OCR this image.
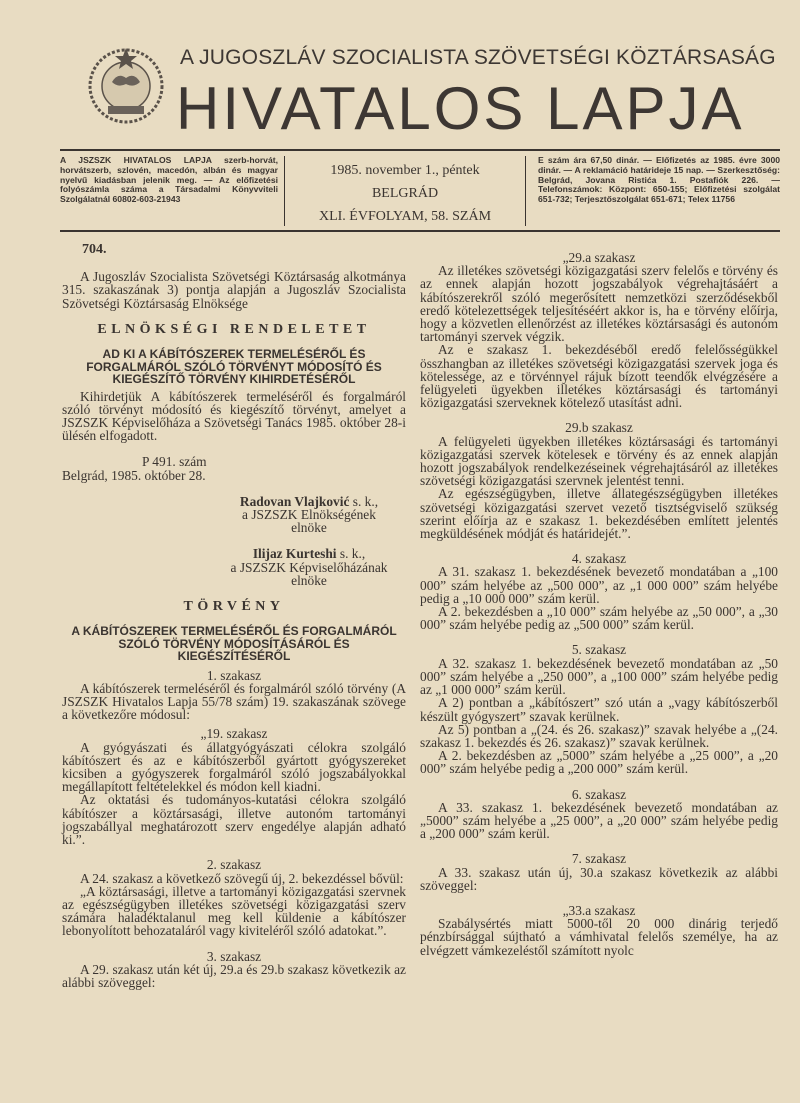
A JUGOSZLÁV SZOCIALISTA SZÖVETSÉGI KÖZTÁRSASÁG
HIVATALOS LAPJA
A JSZSZK HIVATALOS LAPJA szerb-horvát, horvátszerb, szlovén, macedón, albán és magyar nyelvű kiadásban jelenik meg. — Az előfizetési folyószámla száma a Társadalmi Könyvviteli Szolgálatnál 60802-603-21943
1985. november 1., péntek
BELGRÁD
XLI. ÉVFOLYAM, 58. SZÁM
E szám ára 67,50 dinár. — Előfizetés az 1985. évre 3000 dinár. — A reklamáció határideje 15 nap. — Szerkesztőség: Belgrád, Jovana Ristića 1. Postafiók 226. — Telefonszámok: Központ: 650-155; Előfizetési szolgálat 651-732; Terjesztőszolgálat 651-671; Telex 11756
704.
A Jugoszláv Szocialista Szövetségi Köztársaság alkotmánya 315. szakaszának 3) pontja alapján a Jugoszláv Szocialista Szövetségi Köztársaság Elnöksége
ELNÖKSÉGI RENDELETET
AD KI A KÁBÍTÓSZEREK TERMELÉSÉRŐL ÉS FORGALMÁRÓL SZÓLÓ TÖRVÉNYT MÓDOSÍTÓ ÉS KIEGÉSZÍTŐ TÖRVÉNY KIHIRDETÉSÉRŐL
Kihirdetjük A kábítószerek termeléséről és forgalmáról szóló törvényt módosító és kiegészítő törvényt, amelyet a JSZSZK Képviselőháza a Szövetségi Tanács 1985. október 28-i ülésén elfogadott.
P 491. szám
Belgrád, 1985. október 28.
Radovan Vlajković s. k.,
a JSZSZK Elnökségének
elnöke
Ilijaz Kurteshi s. k.,
a JSZSZK Képviselőházának
elnöke
TÖRVÉNY
A KÁBÍTÓSZEREK TERMELÉSÉRŐL ÉS FORGALMÁRÓL SZÓLÓ TÖRVÉNY MÓDOSÍTÁSÁRÓL ÉS KIEGÉSZÍTÉSÉRŐL
1. szakasz
A kábítószerek termeléséről és forgalmáról szóló törvény (A JSZSZK Hivatalos Lapja 55/78 szám) 19. szakaszának szövege a következőre módosul:
„19. szakasz
A gyógyászati és állatgyógyászati célokra szolgáló kábítószert és az e kábítószerből gyártott gyógyszereket kicsiben a gyógyszerek forgalmáról szóló jogszabályokkal megállapított feltételekkel és módon kell kiadni.
Az oktatási és tudományos-kutatási célokra szolgáló kábítószer a köztársasági, illetve autonóm tartományi jogszabállyal meghatározott szerv engedélye alapján adható ki.”.
2. szakasz
A 24. szakasz a következő szövegű új, 2. bekezdéssel bővül:
„A köztársasági, illetve a tartományi közigazgatási szervnek az egészségügyben illetékes szövetségi közigazgatási szerv számára haladéktalanul meg kell küldenie a kábítószer lebonyolított behozataláról vagy kiviteléről szóló adatokat.”.
3. szakasz
A 29. szakasz után két új, 29.a és 29.b szakasz következik az alábbi szöveggel:
„29.a szakasz
Az illetékes szövetségi közigazgatási szerv felelős e törvény és az ennek alapján hozott jogszabályok végrehajtásáért a kábítószerekről szóló megerősített nemzetközi szerződésekből eredő kötelezettségek teljesítéséért akkor is, ha e törvény előírja, hogy a közvetlen ellenőrzést az illetékes köztársasági és autonóm tartományi szervek végzik.
Az e szakasz 1. bekezdéséből eredő felelősségükkel összhangban az illetékes szövetségi közigazgatási szervek joga és kötelessége, az e törvénnyel rájuk bízott teendők elvégzésére a felügyeleti ügyekben illetékes köztársasági és tartományi közigazgatási szerveknek kötelező utasítást adni.
29.b szakasz
A felügyeleti ügyekben illetékes köztársasági és tartományi közigazgatási szervek kötelesek e törvény és az ennek alapján hozott jogszabályok rendelkezéseinek végrehajtásáról az illetékes szövetségi közigazgatási szervnek jelentést tenni.
Az egészségügyben, illetve állategészségügyben illetékes szövetségi közigazgatási szervet vezető tisztségviselő szükség szerint előírja az e szakasz 1. bekezdésében említett jelentés megküldésének módját és határidejét.”.
4. szakasz
A 31. szakasz 1. bekezdésének bevezető mondatában a „100 000” szám helyébe az „500 000”, az „1 000 000” szám helyébe pedig a „10 000 000” szám kerül.
A 2. bekezdésben a „10 000” szám helyébe az „50 000”, a „30 000” szám helyébe pedig az „500 000” szám kerül.
5. szakasz
A 32. szakasz 1. bekezdésének bevezető mondatában az „50 000” szám helyébe a „250 000”, a „100 000” szám helyébe pedig az „1 000 000” szám kerül.
A 2) pontban a „kábítószert” szó után a „vagy kábítószerből készült gyógyszert” szavak kerülnek.
Az 5) pontban a „(24. és 26. szakasz)” szavak helyébe a „(24. szakasz 1. bekezdés és 26. szakasz)” szavak kerülnek.
A 2. bekezdésben az „5000” szám helyébe a „25 000”, a „20 000” szám helyébe pedig a „200 000” szám kerül.
6. szakasz
A 33. szakasz 1. bekezdésének bevezető mondatában az „5000” szám helyébe a „25 000”, a „20 000” szám helyébe pedig a „200 000” szám kerül.
7. szakasz
A 33. szakasz után új, 30.a szakasz következik az alábbi szöveggel:
„33.a szakasz
Szabálysértés miatt 5000-től 20 000 dinárig terjedő pénzbírsággal sújtható a vámhivatal felelős személye, ha az elvégzett vámkezeléstől számított nyolc
